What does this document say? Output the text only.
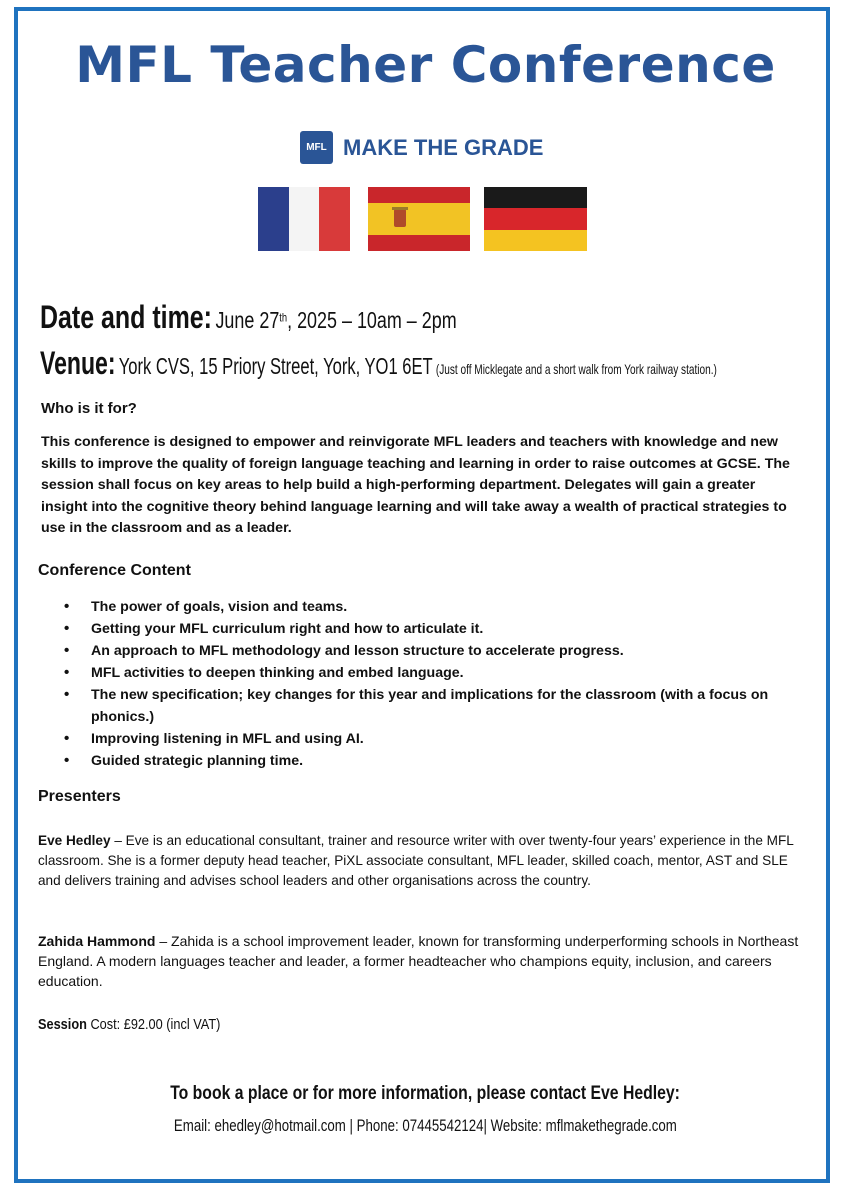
MFL Teacher Conference
MFL MAKE THE GRADE
Date and time: June 27th, 2025 – 10am – 2pm
Venue: York CVS, 15 Priory Street, York, YO1 6ET (Just off Micklegate and a short walk from York railway station.)
Who is it for?
This conference is designed to empower and reinvigorate MFL leaders and teachers with knowledge and new skills to improve the quality of foreign language teaching and learning in order to raise outcomes at GCSE. The session shall focus on key areas to help build a high-performing department. Delegates will gain a greater insight into the cognitive theory behind language learning and will take away a wealth of practical strategies to use in the classroom and as a leader.
Conference Content
• The power of goals, vision and teams.
• Getting your MFL curriculum right and how to articulate it.
• An approach to MFL methodology and lesson structure to accelerate progress.
• MFL activities to deepen thinking and embed language.
• The new specification; key changes for this year and implications for the classroom (with a focus on phonics.)
• Improving listening in MFL and using AI.
• Guided strategic planning time.
Presenters
Eve Hedley – Eve is an educational consultant, trainer and resource writer with over twenty-four years’ experience in the MFL classroom. She is a former deputy head teacher, PiXL associate consultant, MFL leader, skilled coach, mentor, AST and SLE and delivers training and advises school leaders and other organisations across the country.
Zahida Hammond – Zahida is a school improvement leader, known for transforming underperforming schools in Northeast England. A modern languages teacher and leader, a former headteacher who champions equity, inclusion, and careers education.
Session Cost: £92.00 (incl VAT)
To book a place or for more information, please contact Eve Hedley:
Email: ehedley@hotmail.com | Phone: 07445542124| Website: mflmakethegrade.com
